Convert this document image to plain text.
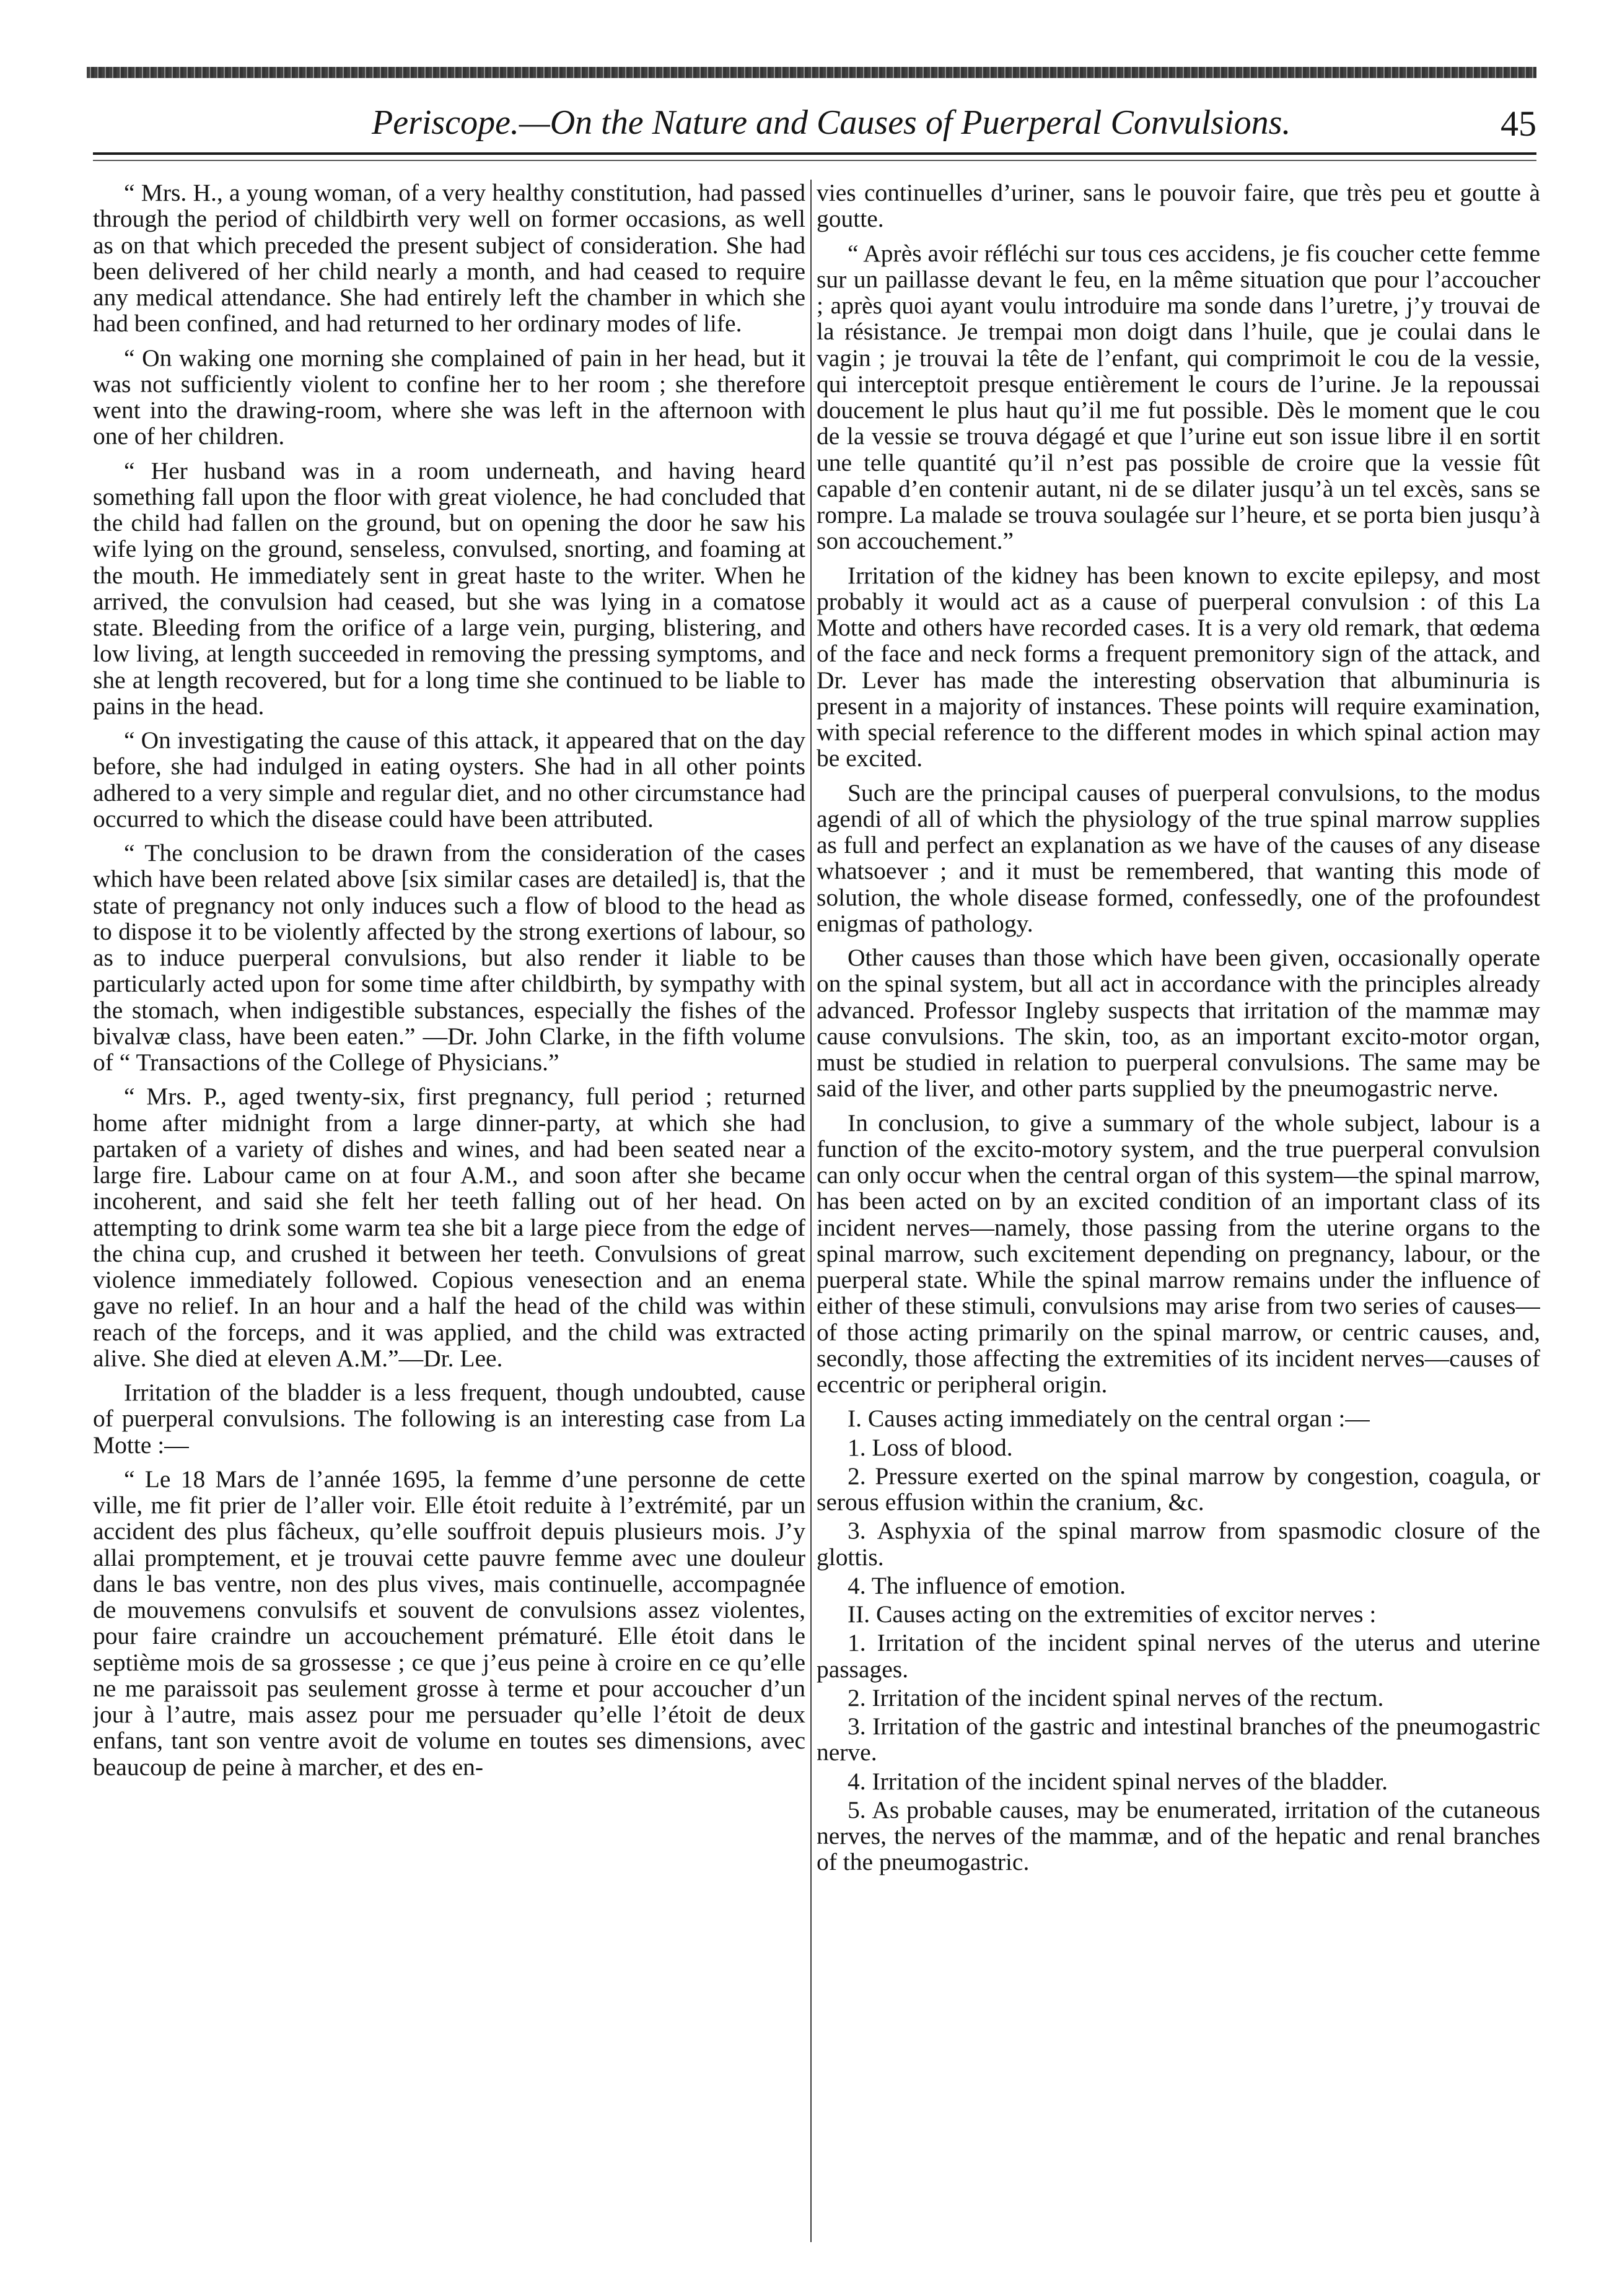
Periscope.—On the Nature and Causes of Puerperal Convulsions.	45

“ Mrs. H., a young woman, of a very healthy constitution, had passed through the period of childbirth very well on former occasions, as well as on that which preceded the present subject of consideration. She had been delivered of her child nearly a month, and had ceased to require any medical attendance. She had entirely left the chamber in which she had been confined, and had returned to her ordinary modes of life.

“ On waking one morning she complained of pain in her head, but it was not sufficiently violent to confine her to her room ; she therefore went into the drawing-room, where she was left in the afternoon with one of her children.

“ Her husband was in a room underneath, and having heard something fall upon the floor with great violence, he had concluded that the child had fallen on the ground, but on opening the door he saw his wife lying on the ground, senseless, convulsed, snorting, and foaming at the mouth. He immediately sent in great haste to the writer. When he arrived, the convulsion had ceased, but she was lying in a comatose state. Bleeding from the orifice of a large vein, purging, blistering, and low living, at length succeeded in removing the pressing symptoms, and she at length recovered, but for a long time she continued to be liable to pains in the head.

“ On investigating the cause of this attack, it appeared that on the day before, she had indulged in eating oysters. She had in all other points adhered to a very simple and regular diet, and no other circumstance had occurred to which the disease could have been attributed.

“ The conclusion to be drawn from the consideration of the cases which have been related above [six similar cases are detailed] is, that the state of pregnancy not only induces such a flow of blood to the head as to dispose it to be violently affected by the strong exertions of labour, so as to induce puerperal convulsions, but also render it liable to be particularly acted upon for some time after childbirth, by sympathy with the stomach, when indigestible substances, especially the fishes of the bivalvæ class, have been eaten.” —Dr. John Clarke, in the fifth volume of “ Transactions of the College of Physicians.”

“ Mrs. P., aged twenty-six, first pregnancy, full period ; returned home after midnight from a large dinner-party, at which she had partaken of a variety of dishes and wines, and had been seated near a large fire. Labour came on at four A.M., and soon after she became incoherent, and said she felt her teeth falling out of her head. On attempting to drink some warm tea she bit a large piece from the edge of the china cup, and crushed it between her teeth. Convulsions of great violence immediately followed. Copious venesection and an enema gave no relief. In an hour and a half the head of the child was within reach of the forceps, and it was applied, and the child was extracted alive. She died at eleven A.M.”—Dr. Lee.

Irritation of the bladder is a less frequent, though undoubted, cause of puerperal convulsions. The following is an interesting case from La Motte :—

“ Le 18 Mars de l’année 1695, la femme d’une personne de cette ville, me fit prier de l’aller voir. Elle étoit reduite à l’extrémité, par un accident des plus fâcheux, qu’elle souffroit depuis plusieurs mois. J’y allai promptement, et je trouvai cette pauvre femme avec une douleur dans le bas ventre, non des plus vives, mais continuelle, accompagnée de mouvemens convulsifs et souvent de convulsions assez violentes, pour faire craindre un accouchement prématuré. Elle étoit dans le septième mois de sa grossesse ; ce que j’eus peine à croire en ce qu’elle ne me paraissoit pas seulement grosse à terme et pour accoucher d’un jour à l’autre, mais assez pour me persuader qu’elle l’étoit de deux enfans, tant son ventre avoit de volume en toutes ses dimensions, avec beaucoup de peine à marcher, et des en-

vies continuelles d’uriner, sans le pouvoir faire, que très peu et goutte à goutte.

“ Après avoir réfléchi sur tous ces accidens, je fis coucher cette femme sur un paillasse devant le feu, en la même situation que pour l’accoucher ; après quoi ayant voulu introduire ma sonde dans l’uretre, j’y trouvai de la résistance. Je trempai mon doigt dans l’huile, que je coulai dans le vagin ; je trouvai la tête de l’enfant, qui comprimoit le cou de la vessie, qui interceptoit presque entièrement le cours de l’urine. Je la repoussai doucement le plus haut qu’il me fut possible. Dès le moment que le cou de la vessie se trouva dégagé et que l’urine eut son issue libre il en sortit une telle quantité qu’il n’est pas possible de croire que la vessie fût capable d’en contenir autant, ni de se dilater jusqu’à un tel excès, sans se rompre. La malade se trouva soulagée sur l’heure, et se porta bien jusqu’à son accouchement.”

Irritation of the kidney has been known to excite epilepsy, and most probably it would act as a cause of puerperal convulsion : of this La Motte and others have recorded cases. It is a very old remark, that œdema of the face and neck forms a frequent premonitory sign of the attack, and Dr. Lever has made the interesting observation that albuminuria is present in a majority of instances. These points will require examination, with special reference to the different modes in which spinal action may be excited.

Such are the principal causes of puerperal convulsions, to the modus agendi of all of which the physiology of the true spinal marrow supplies as full and perfect an explanation as we have of the causes of any disease whatsoever ; and it must be remembered, that wanting this mode of solution, the whole disease formed, confessedly, one of the profoundest enigmas of pathology.

Other causes than those which have been given, occasionally operate on the spinal system, but all act in accordance with the principles already advanced. Professor Ingleby suspects that irritation of the mammæ may cause convulsions. The skin, too, as an important excito-motor organ, must be studied in relation to puerperal convulsions. The same may be said of the liver, and other parts supplied by the pneumogastric nerve.

In conclusion, to give a summary of the whole subject, labour is a function of the excito-motory system, and the true puerperal convulsion can only occur when the central organ of this system—the spinal marrow, has been acted on by an excited condition of an important class of its incident nerves—namely, those passing from the uterine organs to the spinal marrow, such excitement depending on pregnancy, labour, or the puerperal state. While the spinal marrow remains under the influence of either of these stimuli, convulsions may arise from two series of causes—of those acting primarily on the spinal marrow, or centric causes, and, secondly, those affecting the extremities of its incident nerves—causes of eccentric or peripheral origin.

I. Causes acting immediately on the central organ :—

1. Loss of blood.

2. Pressure exerted on the spinal marrow by congestion, coagula, or serous effusion within the cranium, &c.

3. Asphyxia of the spinal marrow from spasmodic closure of the glottis.

4. The influence of emotion.

II. Causes acting on the extremities of excitor nerves :

1. Irritation of the incident spinal nerves of the uterus and uterine passages.

2. Irritation of the incident spinal nerves of the rectum.

3. Irritation of the gastric and intestinal branches of the pneumogastric nerve.

4. Irritation of the incident spinal nerves of the bladder.

5. As probable causes, may be enumerated, irritation of the cutaneous nerves, the nerves of the mammæ, and of the hepatic and renal branches of the pneumogastric.
